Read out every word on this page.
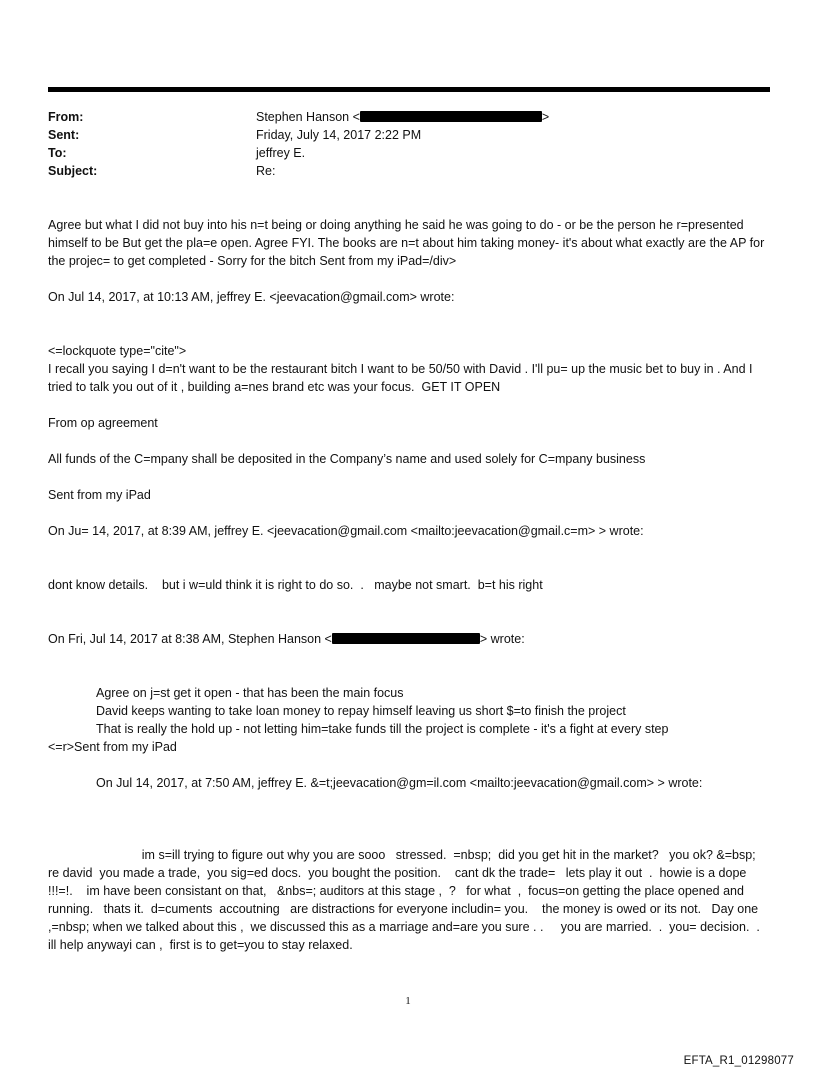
From:	Stephen Hanson <	>
Sent:	Friday, July 14, 2017 2:22 PM
To:	jeffrey E.
Subject:	Re:

Agree but what I did not buy into his n=t being or doing anything he said he was going to do - or be the person he r=presented himself to be But get the pla=e open. Agree FYI. The books are n=t about him taking money- it's about what exactly are the AP for the projec= to get completed - Sorry for the bitch Sent from my iPad=/div>

On Jul 14, 2017, at 10:13 AM, jeffrey E. <jeevacation@gmail.com> wrote:

<=lockquote type="cite">

I recall you saying I d=n't want to be the restaurant bitch I want to be 50/50 with David . I'll pu= up the music bet to buy in . And I tried to talk you out of it , building a=nes brand etc was your focus.  GET IT OPEN

From op agreement

All funds of the C=mpany shall be deposited in the Company’s name and used solely for C=mpany business

Sent from my iPad

On Ju= 14, 2017, at 8:39 AM, jeffrey E. <jeevacation@gmail.com <mailto:jeevacation@gmail.c=m> > wrote:

dont know details.    but i w=uld think it is right to do so.  .   maybe not smart.  b=t his right

On Fri, Jul 14, 2017 at 8:38 AM, Stephen Hanson <	> wrote:

Agree on j=st get it open - that has been the main focus

David keeps wanting to take loan money to repay himself leaving us short $=to finish the project

That is really the hold up - not letting him=take funds till the project is complete - it's a fight at every step

<=r>Sent from my iPad

On Jul 14, 2017, at 7:50 AM, jeffrey E. &=t;jeevacation@gm=il.com <mailto:jeevacation@gmail.com> > wrote:

im s=ill trying to figure out why you are sooo   stressed.  =nbsp;  did you get hit in the market?   you ok? &=bsp;    re david  you made a trade,  you sig=ed docs.  you bought the position.    cant dk the trade=   lets play it out  .  howie is a dope !!!=!.    im have been consistant on that,   &nbs=; auditors at this stage ,  ?   for what  ,  focus=on getting the place opened and running.   thats it.  d=cuments  accoutning   are distractions for everyone includin= you.    the money is owed or its not.   Day one ,=nbsp; when we talked about this ,  we discussed this as a marriage and=are you sure . .     you are married.  .  you= decision.  .   ill help anywayi can ,  first is to get=you to stay relaxed.

1
EFTA_R1_01298077
